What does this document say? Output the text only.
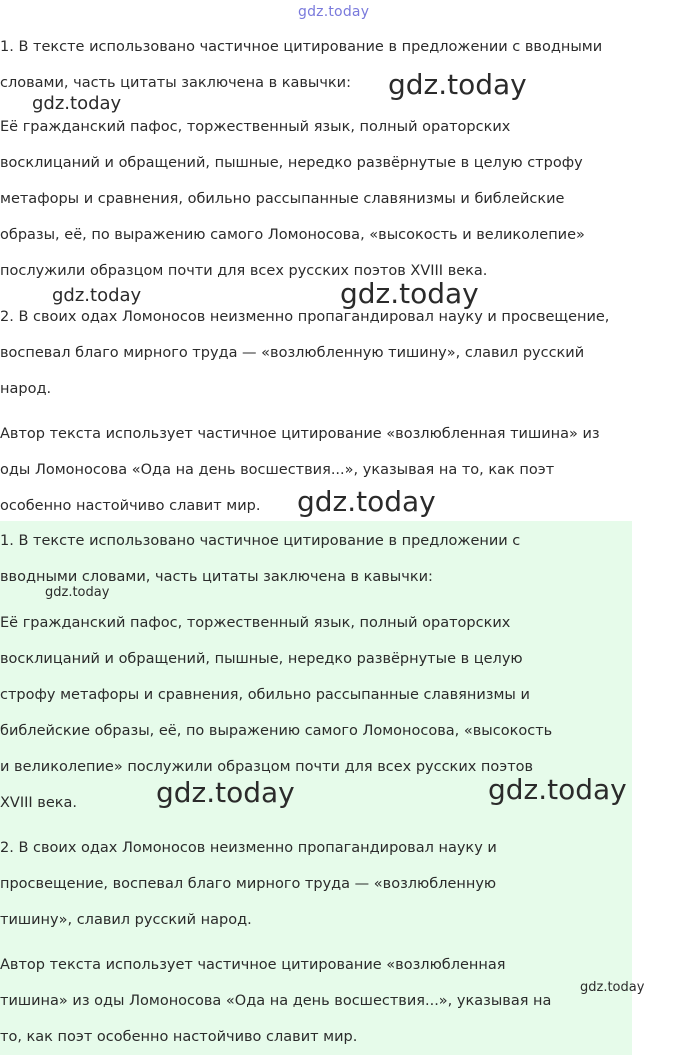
gdz.today
1. В тексте использовано частичное цитирование в предложении с вводными
словами, часть цитаты заключена в кавычки:
Её гражданский пафос, торжественный язык, полный ораторских
восклицаний и обращений, пышные, нередко развёрнутые в целую строфу
метафоры и сравнения, обильно рассыпанные славянизмы и библейские
образы, её, по выражению самого Ломоносова, «высокость и великолепие»
послужили образцом почти для всех русских поэтов XVIII века.
2. В своих одах Ломоносов неизменно пропагандировал науку и просвещение,
воспевал благо мирного труда — «возлюбленную тишину», славил русский
народ.
Автор текста использует частичное цитирование «возлюбленная тишина» из
оды Ломоносова «Ода на день восшествия...», указывая на то, как поэт
особенно настойчиво славит мир.
1. В тексте использовано частичное цитирование в предложении с
вводными словами, часть цитаты заключена в кавычки:
Её гражданский пафос, торжественный язык, полный ораторских
восклицаний и обращений, пышные, нередко развёрнутые в целую
строфу метафоры и сравнения, обильно рассыпанные славянизмы и
библейские образы, её, по выражению самого Ломоносова, «высокость
и великолепие» послужили образцом почти для всех русских поэтов
XVIII века.
2. В своих одах Ломоносов неизменно пропагандировал науку и
просвещение, воспевал благо мирного труда — «возлюбленную
тишину», славил русский народ.
Автор текста использует частичное цитирование «возлюбленная
тишина» из оды Ломоносова «Ода на день восшествия...», указывая на
то, как поэт особенно настойчиво славит мир.
gdz.today
gdz.today
gdz.today	gdz.today
gdz.today
gdz.today
gdz.today	gdz.today
gdz.today
